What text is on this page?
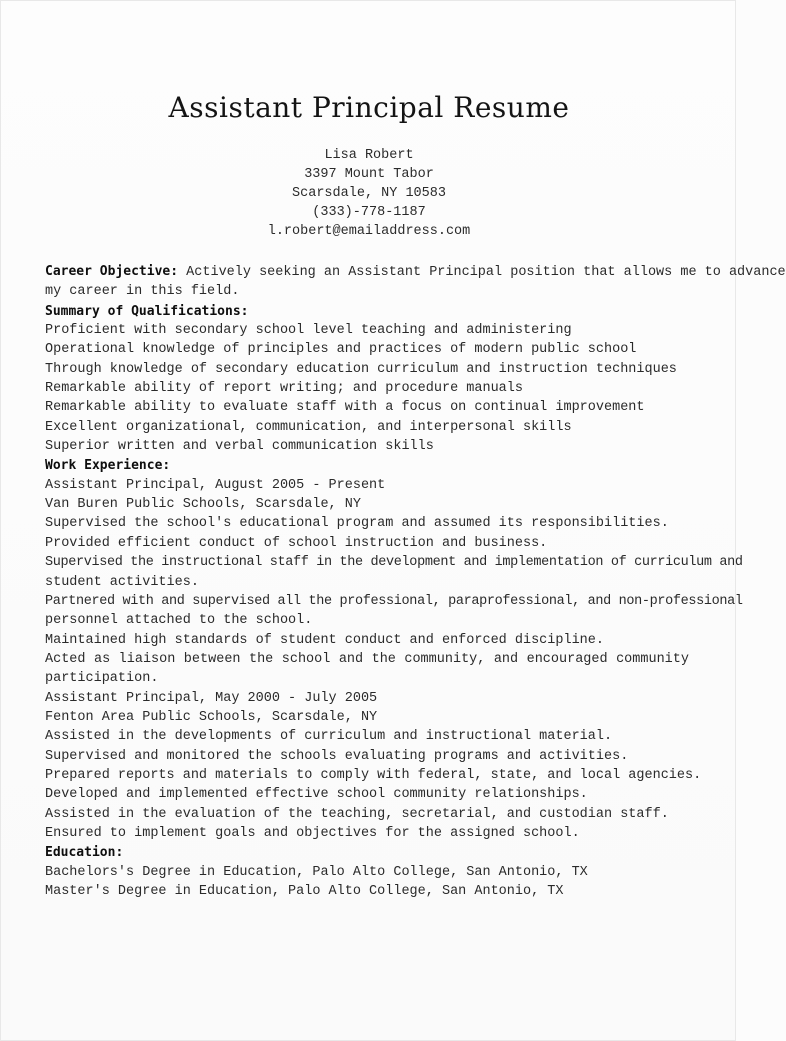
Assistant Principal Resume
Lisa Robert
3397 Mount Tabor
Scarsdale, NY 10583
(333)-778-1187
l.robert@emailaddress.com
Career Objective: Actively seeking an Assistant Principal position that allows me to advance
my career in this field.
Summary of Qualifications:
Proficient with secondary school level teaching and administering
Operational knowledge of principles and practices of modern public school
Through knowledge of secondary education curriculum and instruction techniques
Remarkable ability of report writing; and procedure manuals
Remarkable ability to evaluate staff with a focus on continual improvement
Excellent organizational, communication, and interpersonal skills
Superior written and verbal communication skills
Work Experience:
Assistant Principal, August 2005 - Present
Van Buren Public Schools, Scarsdale, NY
Supervised the school's educational program and assumed its responsibilities.
Provided efficient conduct of school instruction and business.
Supervised the instructional staff in the development and implementation of curriculum and
student activities.
Partnered with and supervised all the professional, paraprofessional, and non-professional
personnel attached to the school.
Maintained high standards of student conduct and enforced discipline.
Acted as liaison between the school and the community, and encouraged community
participation.
Assistant Principal, May 2000 - July 2005
Fenton Area Public Schools, Scarsdale, NY
Assisted in the developments of curriculum and instructional material.
Supervised and monitored the schools evaluating programs and activities.
Prepared reports and materials to comply with federal, state, and local agencies.
Developed and implemented effective school community relationships.
Assisted in the evaluation of the teaching, secretarial, and custodian staff.
Ensured to implement goals and objectives for the assigned school.
Education:
Bachelors's Degree in Education, Palo Alto College, San Antonio, TX
Master's Degree in Education, Palo Alto College, San Antonio, TX
